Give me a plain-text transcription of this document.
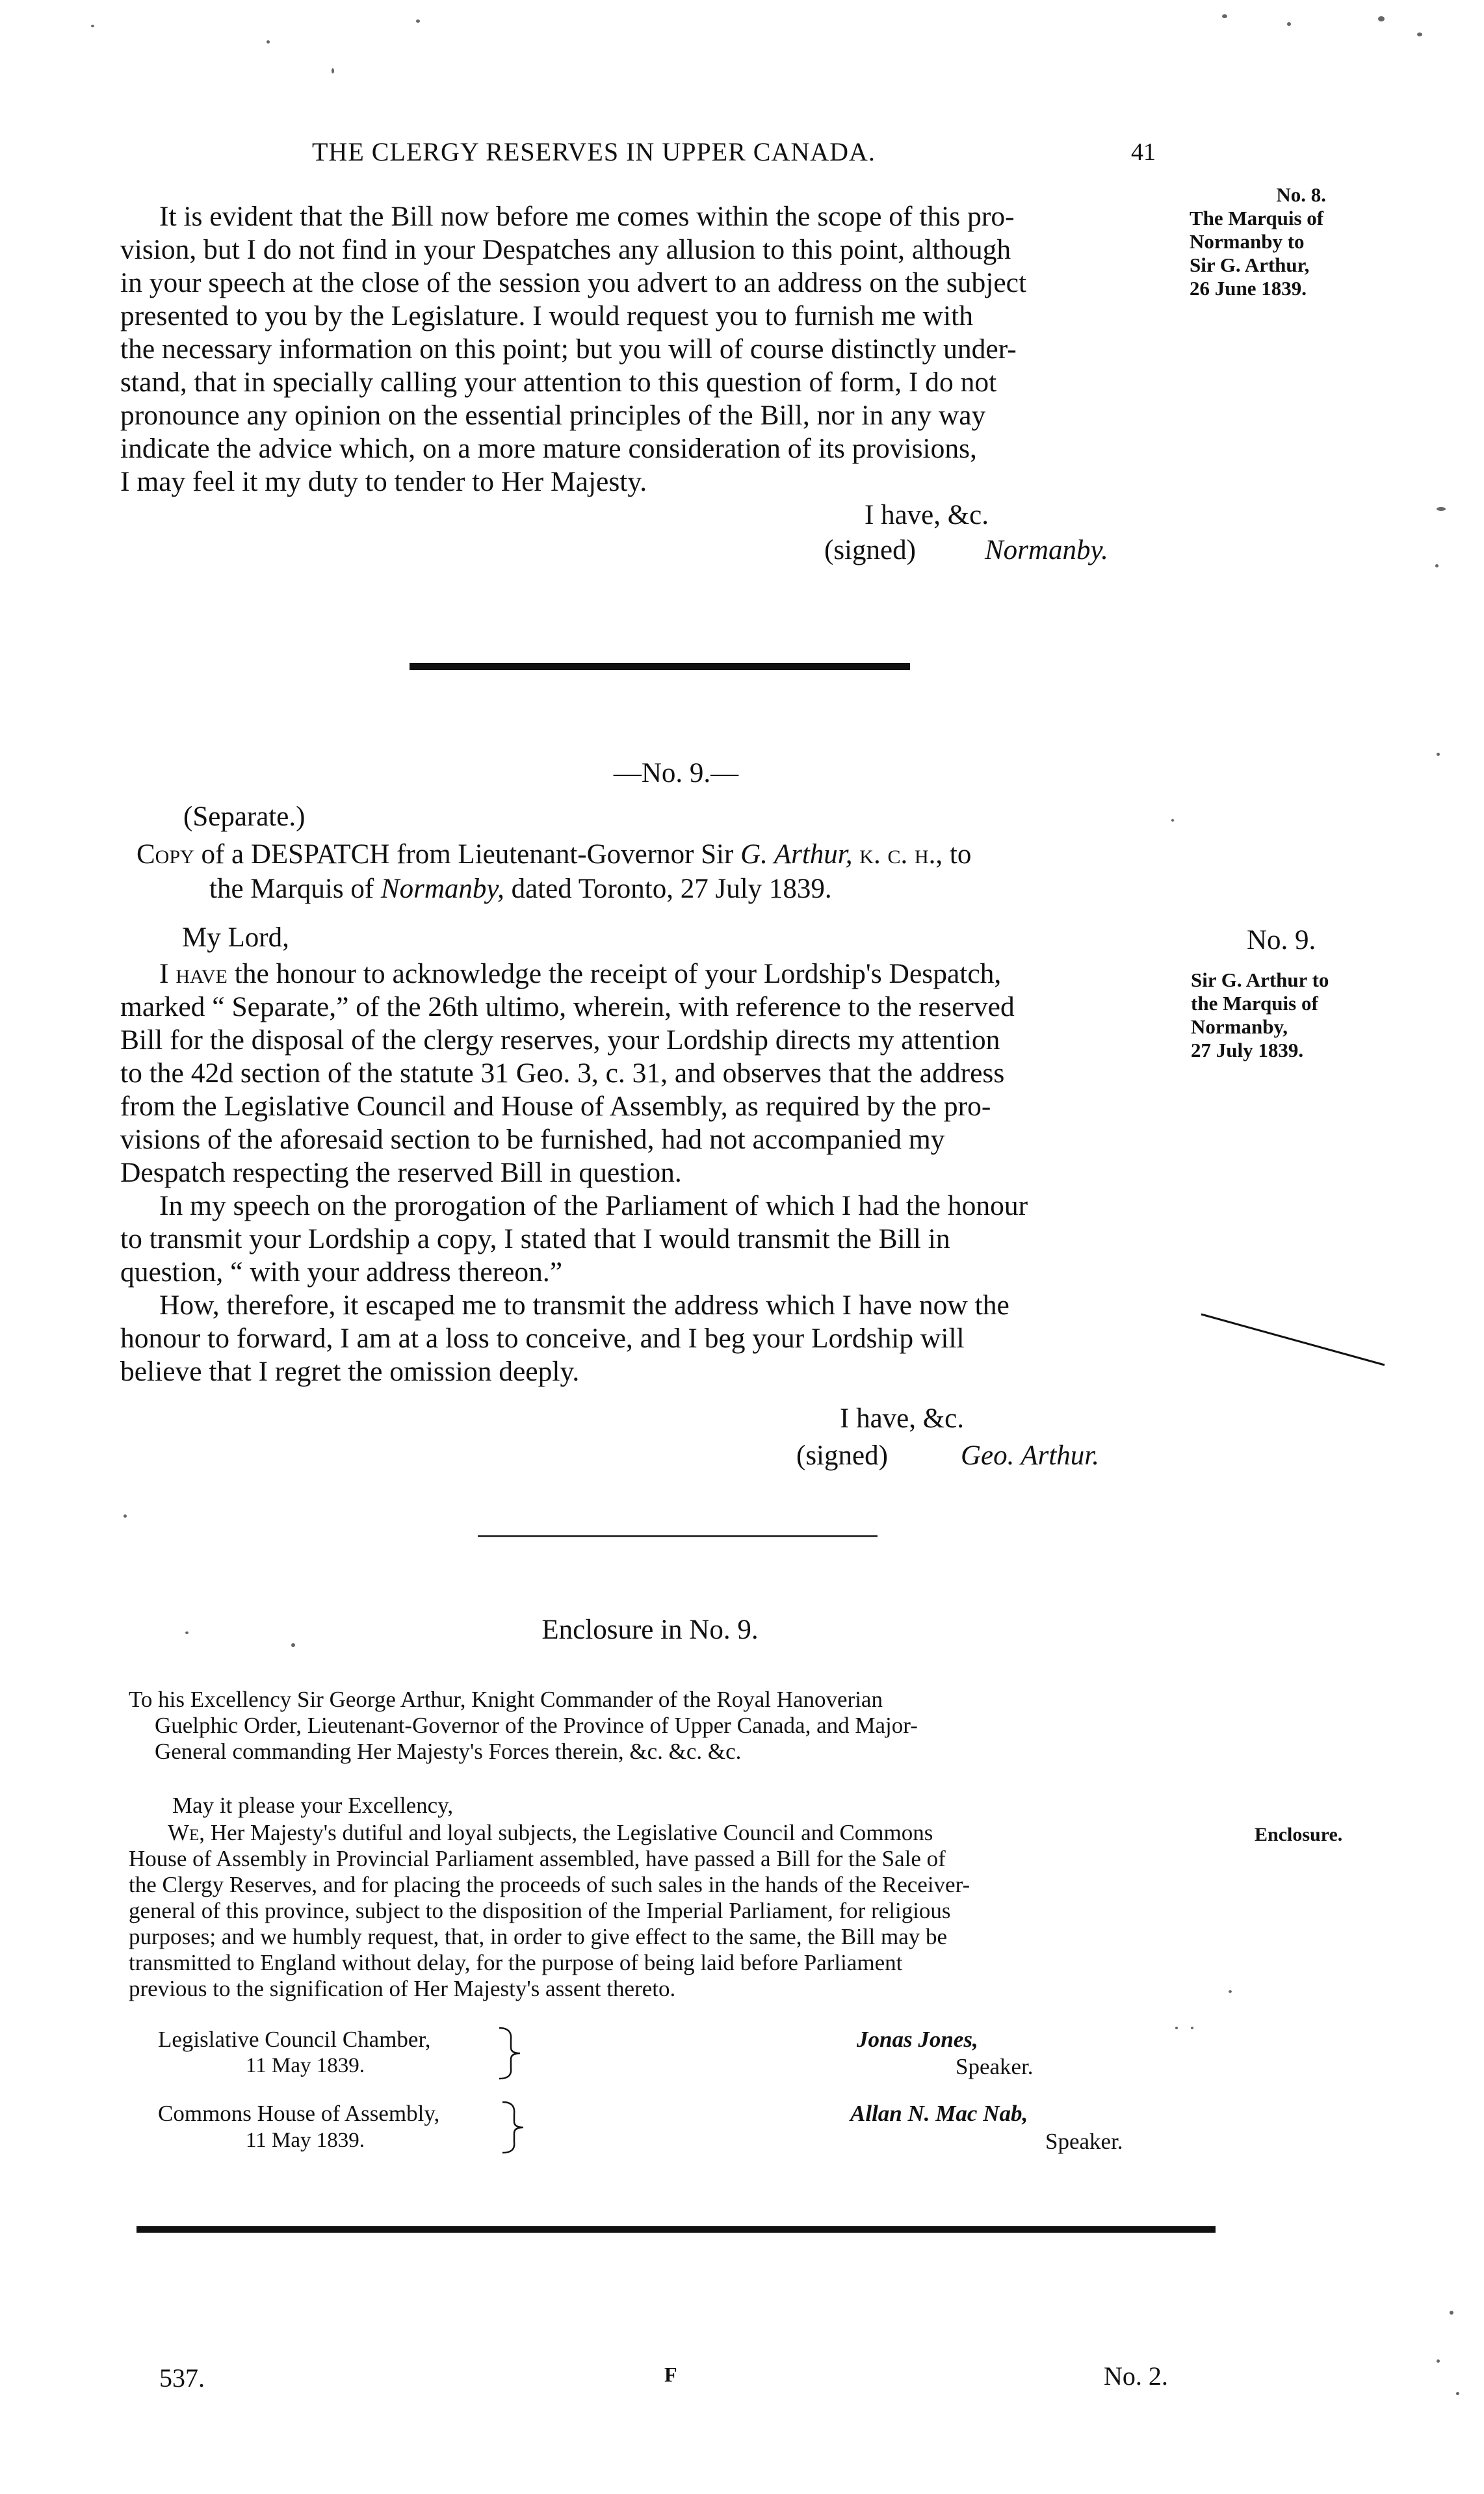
THE CLERGY RESERVES IN UPPER CANADA.	41

It is evident that the Bill now before me comes within the scope of this pro-

vision, but I do not find in your Despatches any allusion to this point, although

in your speech at the close of the session you advert to an address on the subject

presented to you by the Legislature. I would request you to furnish me with

the necessary information on this point; but you will of course distinctly under-

stand, that in specially calling your attention to this question of form, I do not

pronounce any opinion on the essential principles of the Bill, nor in any way

indicate the advice which, on a more mature consideration of its provisions,

I may feel it my duty to tender to Her Majesty.

No. 8.
The Marquis of
Normanby to
Sir G. Arthur,
26 June 1839.
I have, &c.
(signed) Normanby.
—No. 9.—
(Separate.)
Copy of a DESPATCH from Lieutenant-Governor Sir G. Arthur, k. c. h., to
the Marquis of Normanby, dated Toronto, 27 July 1839.
My Lord,	No. 9.

I have the honour to acknowledge the receipt of your Lordship's Despatch,

marked “ Separate,” of the 26th ultimo, wherein, with reference to the reserved

Bill for the disposal of the clergy reserves, your Lordship directs my attention

to the 42d section of the statute 31 Geo. 3, c. 31, and observes that the address

from the Legislative Council and House of Assembly, as required by the pro-

visions of the aforesaid section to be furnished, had not accompanied my

Despatch respecting the reserved Bill in question.

In my speech on the prorogation of the Parliament of which I had the honour

to transmit your Lordship a copy, I stated that I would transmit the Bill in

question, “ with your address thereon.”

How, therefore, it escaped me to transmit the address which I have now the

honour to forward, I am at a loss to conceive, and I beg your Lordship will

believe that I regret the omission deeply.

Sir G. Arthur to
the Marquis of
Normanby,
27 July 1839.
I have, &c.
(signed)	Geo. Arthur.
Enclosure in No. 9.

To his Excellency Sir George Arthur, Knight Commander of the Royal Hanoverian

Guelphic Order, Lieutenant-Governor of the Province of Upper Canada, and Major-

General commanding Her Majesty's Forces therein, &c. &c. &c.

May it please your Excellency,
Enclosure.

We, Her Majesty's dutiful and loyal subjects, the Legislative Council and Commons

House of Assembly in Provincial Parliament assembled, have passed a Bill for the Sale of

the Clergy Reserves, and for placing the proceeds of such sales in the hands of the Receiver-

general of this province, subject to the disposition of the Imperial Parliament, for religious

purposes; and we humbly request, that, in order to give effect to the same, the Bill may be

transmitted to England without delay, for the purpose of being laid before Parliament

previous to the signification of Her Majesty's assent thereto.

Legislative Council Chamber,
11 May 1839.
Jonas Jones,
Speaker.
Commons House of Assembly,
11 May 1839.
Allan N. Mac Nab,
Speaker.
537.	F	No. 2.
